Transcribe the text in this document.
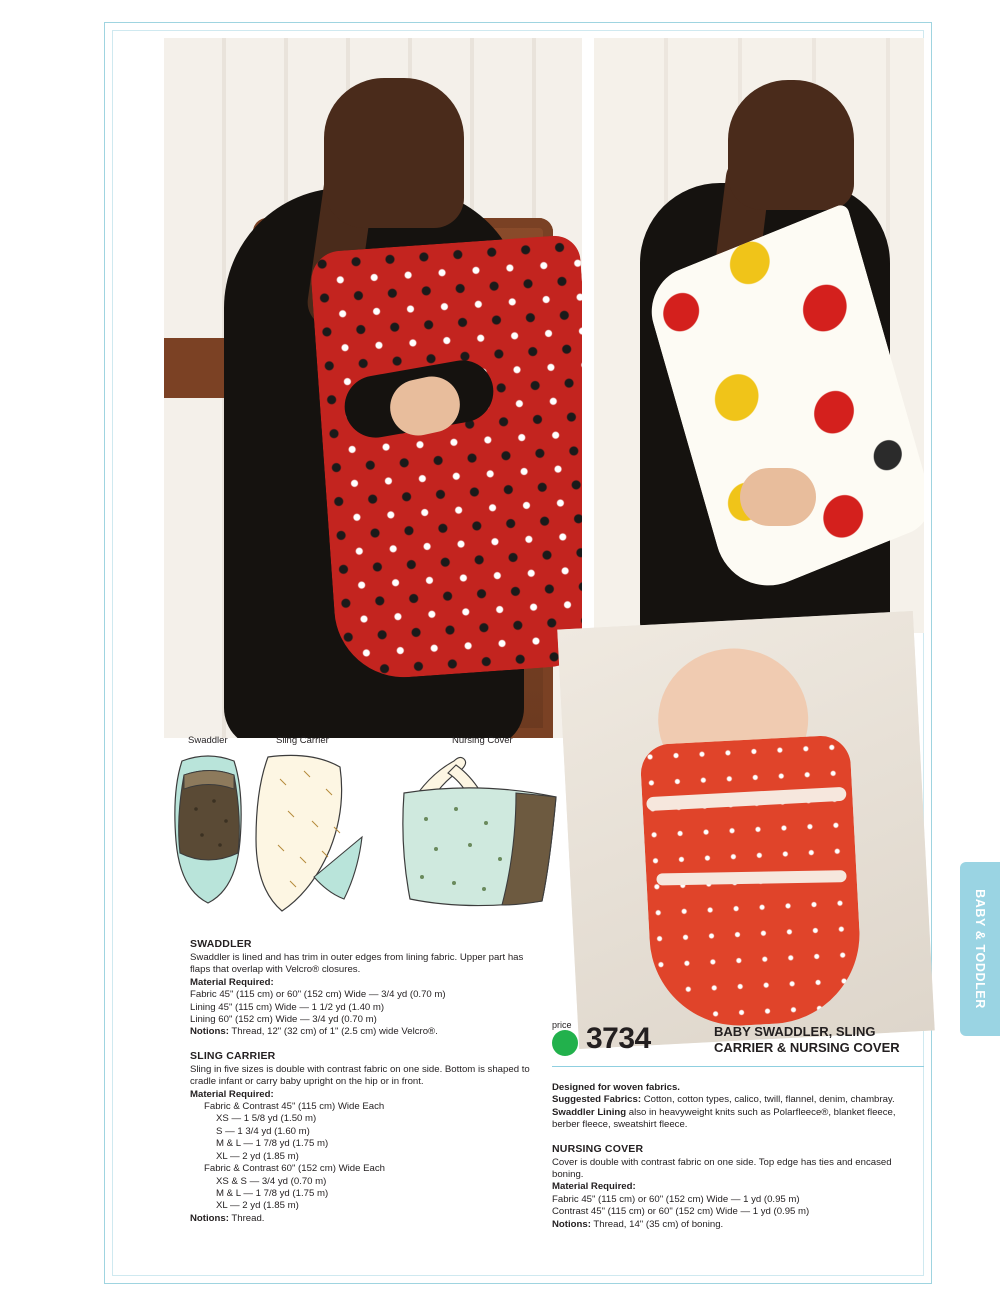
BABY & TODDLER
Swaddler	Sling Carrier	Nursing Cover
SWADDLER

Swaddler is lined and has trim in outer edges from lining fabric. Upper part has flaps that overlap with Velcro® closures.

Material Required:

Fabric 45" (115 cm) or 60" (152 cm) Wide — 3/4 yd (0.70 m)

Lining 45" (115 cm) Wide — 1 1/2 yd (1.40 m)

Lining 60" (152 cm) Wide — 3/4 yd (0.70 m)

Notions: Thread, 12" (32 cm) of 1" (2.5 cm) wide Velcro®.

SLING CARRIER

Sling in five sizes is double with contrast fabric on one side. Bottom is shaped to cradle infant or carry baby upright on the hip or in front.

Material Required:

Fabric & Contrast 45" (115 cm) Wide Each

XS — 1 5/8 yd (1.50 m)

S — 1 3/4 yd (1.60 m)

M & L — 1 7/8 yd (1.75 m)

XL — 2 yd (1.85 m)

Fabric & Contrast 60" (152 cm) Wide Each

XS & S — 3/4 yd (0.70 m)

M & L — 1 7/8 yd (1.75 m)

XL — 2 yd (1.85 m)

Notions: Thread.

price 3734	BABY SWADDLER, SLING
CARRIER & NURSING COVER

Designed for woven fabrics.

Suggested Fabrics: Cotton, cotton types, calico, twill, flannel, denim, chambray.

Swaddler Lining also in heavyweight knits such as Polarfleece®, blanket fleece, berber fleece, sweatshirt fleece.

NURSING COVER

Cover is double with contrast fabric on one side. Top edge has ties and encased boning.

Material Required:

Fabric 45" (115 cm) or 60" (152 cm) Wide — 1 yd (0.95 m)

Contrast 45" (115 cm) or 60" (152 cm) Wide — 1 yd (0.95 m)

Notions: Thread, 14" (35 cm) of boning.
